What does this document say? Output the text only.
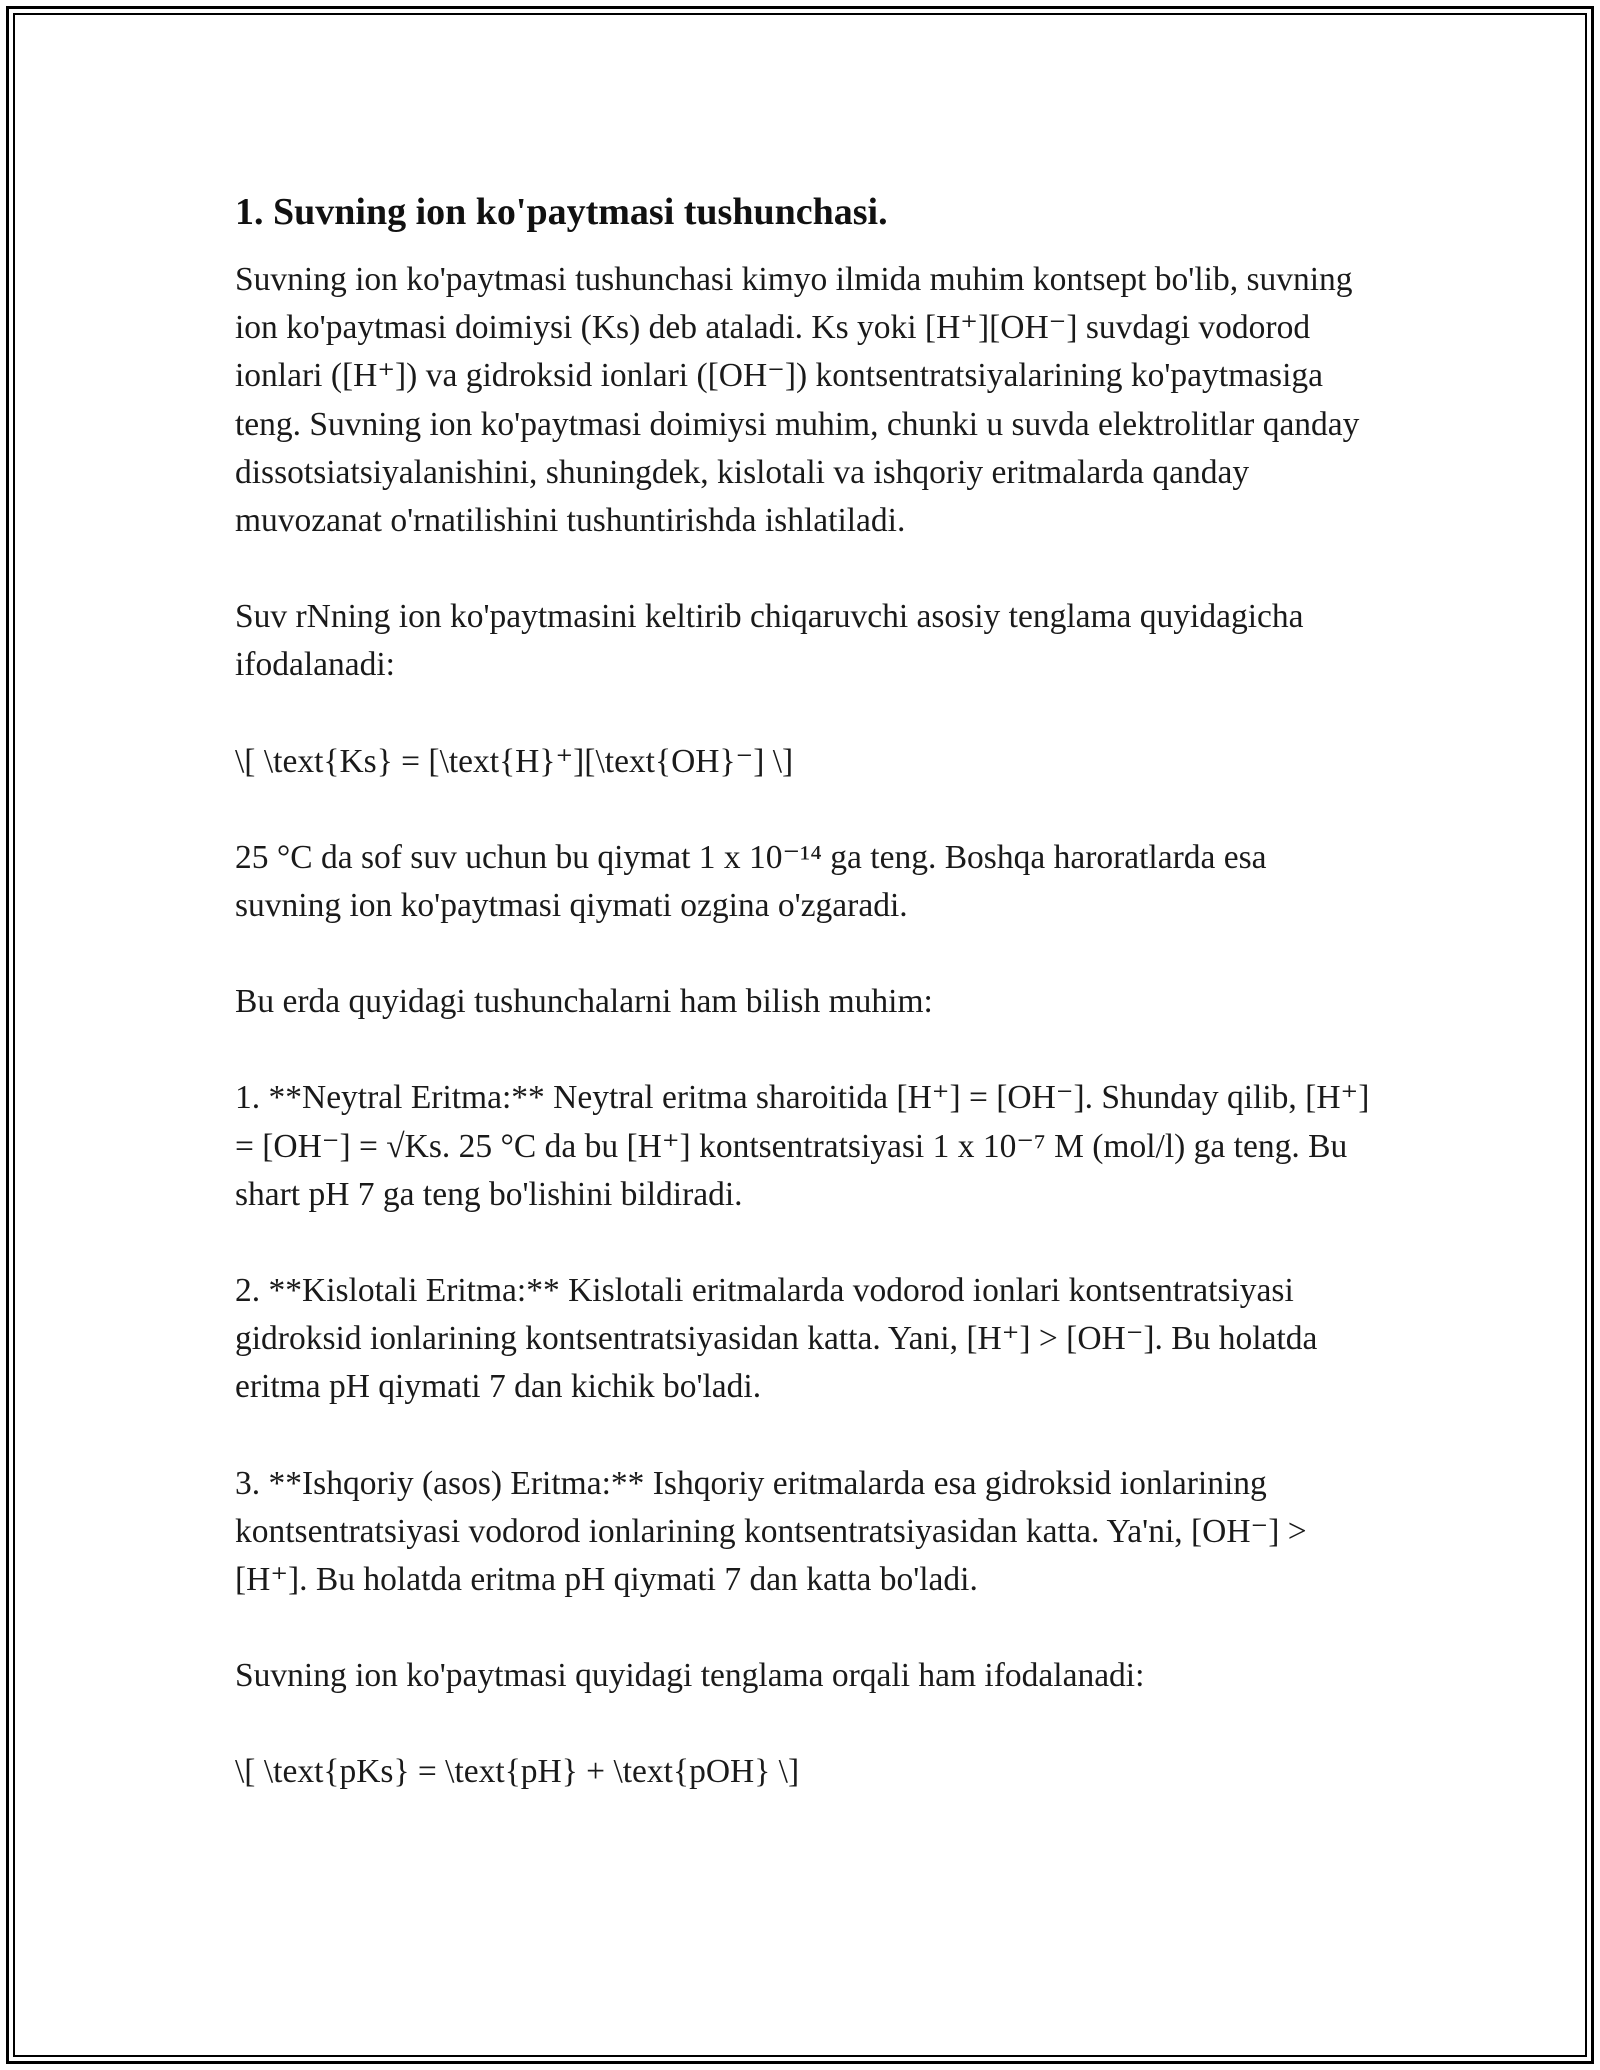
1. Suvning ion ko'paytmasi tushunchasi.

Suvning ion ko'paytmasi tushunchasi kimyo ilmida muhim kontsept bo'lib, suvning ion ko'paytmasi doimiysi (Ks) deb ataladi. Ks yoki [H⁺][OH⁻] suvdagi vodorod ionlari ([H⁺]) va gidroksid ionlari ([OH⁻]) kontsentratsiyalarining ko'paytmasiga teng. Suvning ion ko'paytmasi doimiysi muhim, chunki u suvda elektrolitlar qanday dissotsiatsiyalanishini, shuningdek, kislotali va ishqoriy eritmalarda qanday muvozanat o'rnatilishini tushuntirishda ishlatiladi.

Suv rNning ion ko'paytmasini keltirib chiqaruvchi asosiy tenglama quyidagicha ifodalanadi:

\[ \text{Ks} = [\text{H}⁺][\text{OH}⁻] \]

25 °C da sof suv uchun bu qiymat 1 x 10⁻¹⁴ ga teng. Boshqa haroratlarda esa suvning ion ko'paytmasi qiymati ozgina o'zgaradi.

Bu erda quyidagi tushunchalarni ham bilish muhim:

1. **Neytral Eritma:** Neytral eritma sharoitida [H⁺] = [OH⁻]. Shunday qilib, [H⁺] = [OH⁻] = √Ks. 25 °C da bu [H⁺] kontsentratsiyasi 1 x 10⁻⁷ M (mol/l) ga teng. Bu shart pH 7 ga teng bo'lishini bildiradi.

2. **Kislotali Eritma:** Kislotali eritmalarda vodorod ionlari kontsentratsiyasi gidroksid ionlarining kontsentratsiyasidan katta. Yani, [H⁺] > [OH⁻]. Bu holatda eritma pH qiymati 7 dan kichik bo'ladi.

3. **Ishqoriy (asos) Eritma:** Ishqoriy eritmalarda esa gidroksid ionlarining kontsentratsiyasi vodorod ionlarining kontsentratsiyasidan katta. Ya'ni, [OH⁻] > [H⁺]. Bu holatda eritma pH qiymati 7 dan katta bo'ladi.

Suvning ion ko'paytmasi quyidagi tenglama orqali ham ifodalanadi:

\[ \text{pKs} = \text{pH} + \text{pOH} \]
